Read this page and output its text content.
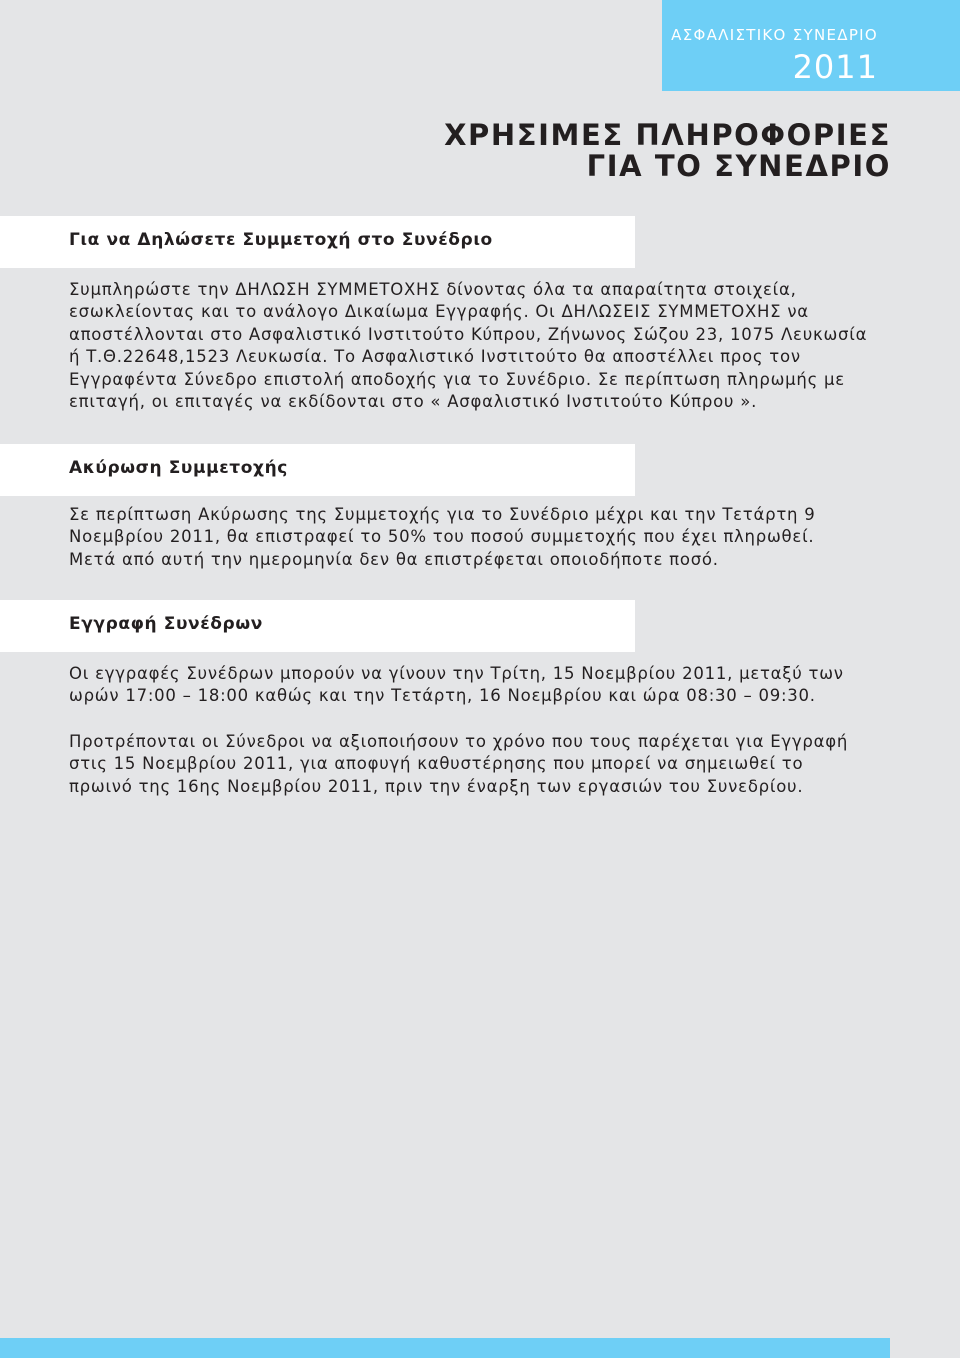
ΑΣΦΑΛΙΣΤΙΚΟ ΣΥΝΕΔΡΙΟ
2011
ΧΡΗΣΙΜΕΣ ΠΛΗΡΟΦΟΡΙΕΣ
ΓΙΑ ΤΟ ΣΥΝΕΔΡΙΟ
Για να Δηλώσετε Συμμετοχή στο Συνέδριο

Συμπληρώστε την ΔΗΛΩΣΗ ΣΥΜΜΕΤΟΧΗΣ δίνοντας όλα τα απαραίτητα στοιχεία,
εσωκλείοντας και το ανάλογο Δικαίωμα Εγγραφής. Οι ΔΗΛΩΣΕΙΣ ΣΥΜΜΕΤΟΧΗΣ να
αποστέλλονται στο Ασφαλιστικό Ινστιτούτο Κύπρου, Ζήνωνος Σώζου 23, 1075 Λευκωσία
ή Τ.Θ.22648,1523 Λευκωσία. Το Ασφαλιστικό Ινστιτούτο θα αποστέλλει προς τον
Εγγραφέντα Σύνεδρο επιστολή αποδοχής για το Συνέδριο. Σε περίπτωση πληρωμής με
επιταγή, οι επιταγές να εκδίδονται στο « Ασφαλιστικό Ινστιτούτο Κύπρου ».

Ακύρωση Συμμετοχής

Σε περίπτωση Ακύρωσης της Συμμετοχής για το Συνέδριο μέχρι και την Τετάρτη 9
Νοεμβρίου 2011, θα επιστραφεί το 50% του ποσού συμμετοχής που έχει πληρωθεί.
Μετά από αυτή την ημερομηνία δεν θα επιστρέφεται οποιοδήποτε ποσό.

Εγγραφή Συνέδρων

Οι εγγραφές Συνέδρων μπορούν να γίνουν την Τρίτη, 15 Νοεμβρίου 2011, μεταξύ των
ωρών 17:00 – 18:00 καθώς και την Τετάρτη, 16 Νοεμβρίου και ώρα 08:30 – 09:30.

Προτρέπονται οι Σύνεδροι να αξιοποιήσουν το χρόνο που τους παρέχεται για Εγγραφή
στις 15 Νοεμβρίου 2011, για αποφυγή καθυστέρησης που μπορεί να σημειωθεί το
πρωινό της 16ης Νοεμβρίου 2011, πριν την έναρξη των εργασιών του Συνεδρίου.
